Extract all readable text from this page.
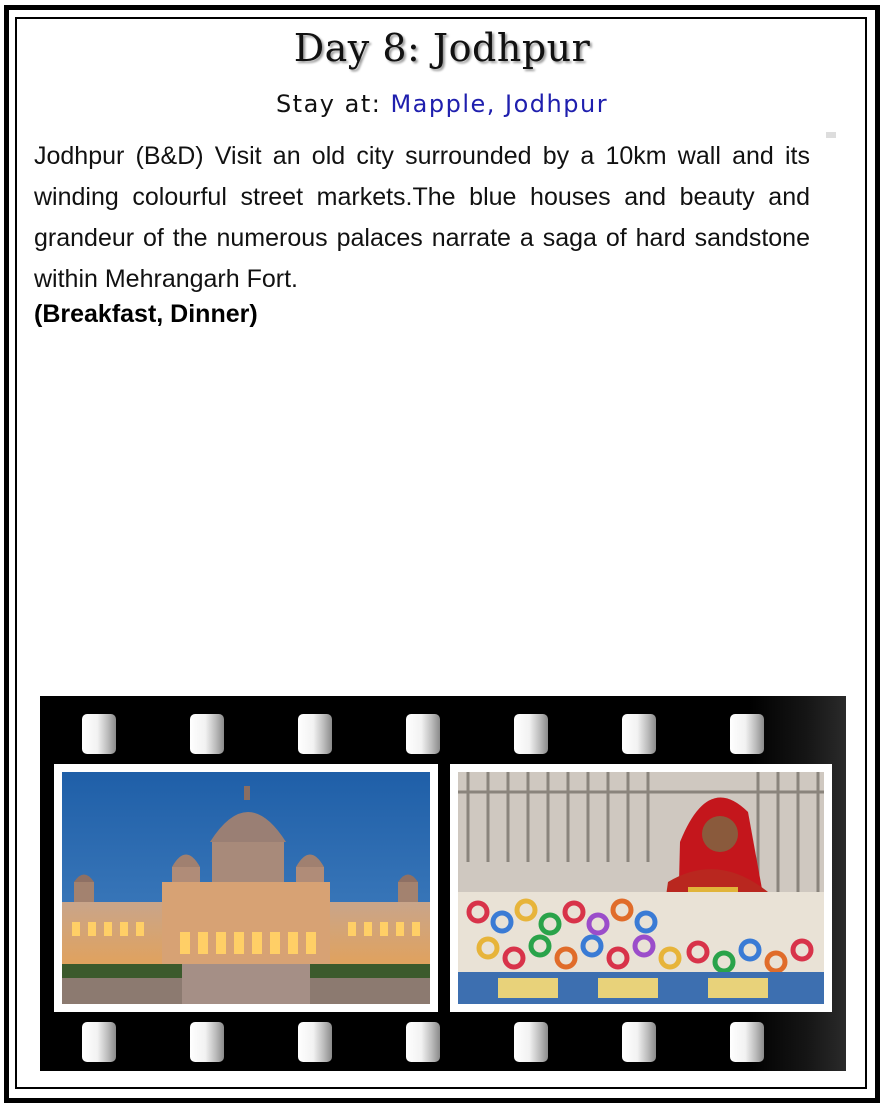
Day 8: Jodhpur
Stay at: Mapple, Jodhpur
Jodhpur (B&D) Visit an old city surrounded by a 10km wall and its winding colourful street markets.The blue houses and beauty and grandeur of the numerous palaces narrate a saga of hard sandstone within Mehrangarh Fort.
(Breakfast, Dinner)
